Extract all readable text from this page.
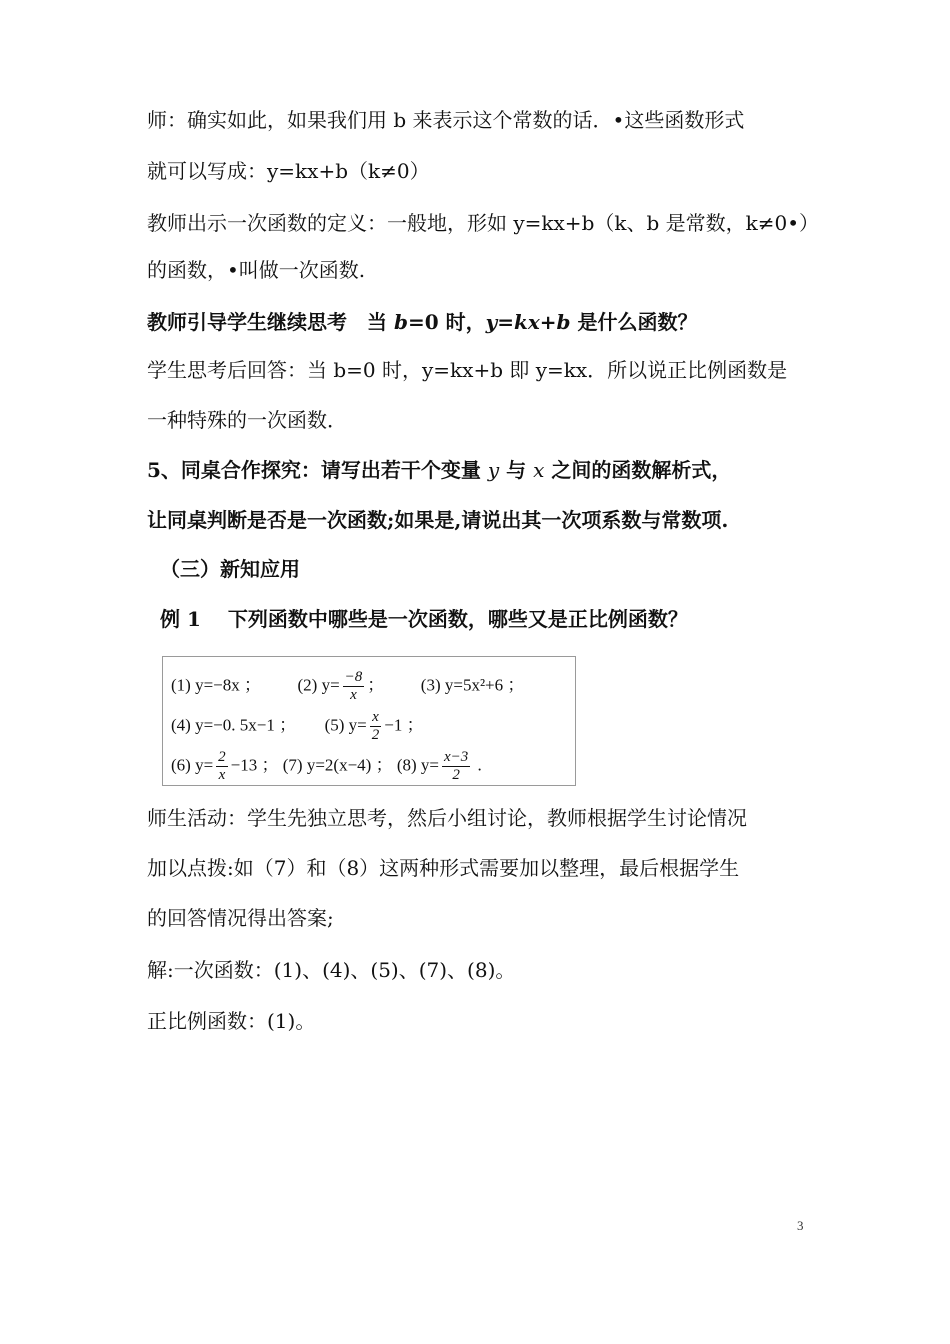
师：确实如此，如果我们用 b 来表示这个常数的话．•这些函数形式
就可以写成：y=kx+b（k≠0）
教师出示一次函数的定义：一般地，形如 y=kx+b（k、b 是常数，k≠0•）
的函数，•叫做一次函数.
教师引导学生继续思考　当 b=0 时，y=kx+b 是什么函数？
学生思考后回答：当 b=0 时，y=kx+b 即 y=kx．所以说正比例函数是
一种特殊的一次函数．
5、同桌合作探究：请写出若干个变量 y 与 x 之间的函数解析式，
让同桌判断是否是一次函数;如果是,请说出其一次项系数与常数项.
（三）新知应用
例 1　 下列函数中哪些是一次函数，哪些又是正比例函数？
(1) y=−8x ； (2) $y= \frac{-8}{x}$ ； (3) y=5x²+6 ；
(4) y=−0. 5x−1 ； (5) $y= \frac{x}{2} -1$ ；
(6) $y= \frac{2}{x} -13$ ； (7) y=2(x−4) ； (8) $y= \frac{x-3}{2}$ .
师生活动：学生先独立思考，然后小组讨论，教师根据学生讨论情况
加以点拨:如（7）和（8）这两种形式需要加以整理，最后根据学生
的回答情况得出答案;
解:一次函数：(1)、(4)、(5)、(7)、(8)。
正比例函数：(1)。
3
